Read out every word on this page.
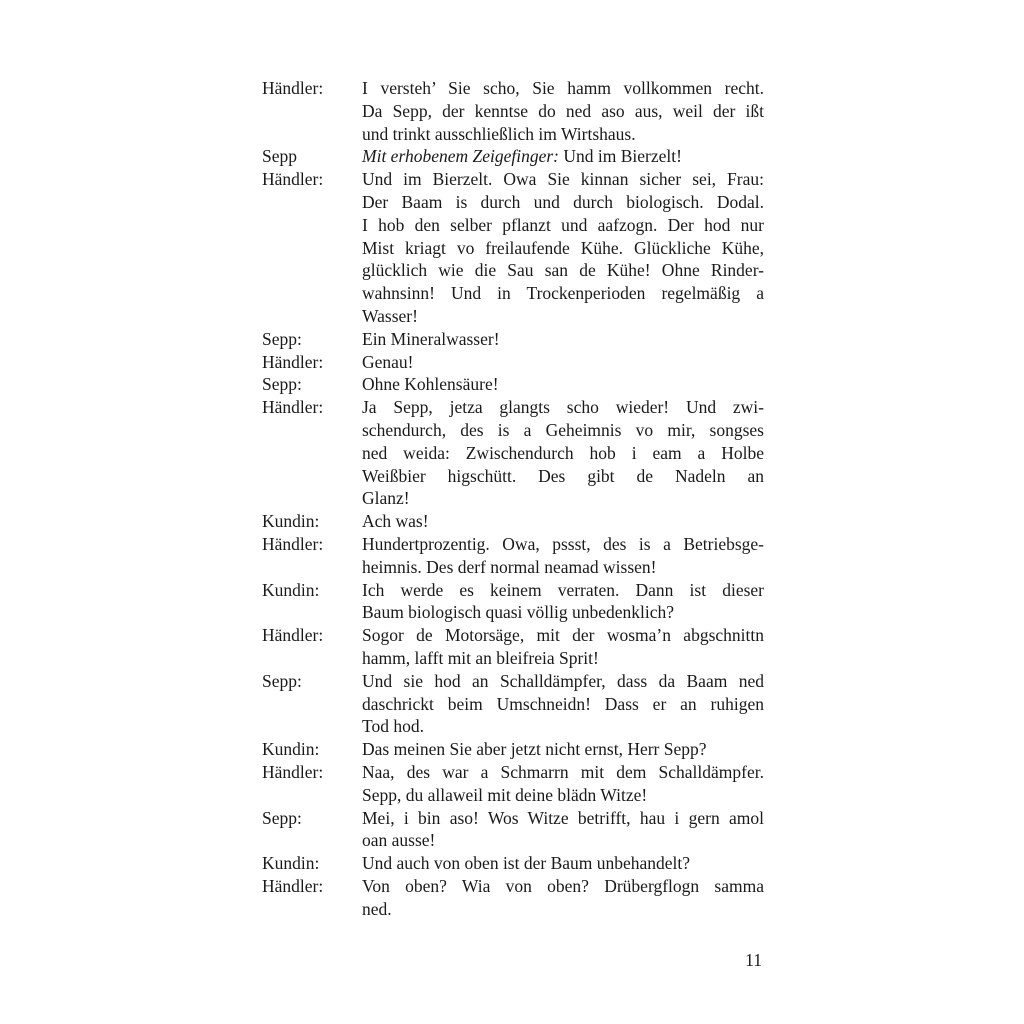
Händler:	I versteh’ Sie scho, Sie hamm vollkommen recht.
Da Sepp, der kenntse do ned aso aus, weil der ißt
und trinkt ausschließlich im Wirtshaus.
Sepp	Mit erhobenem Zeigefinger: Und im Bierzelt!
Händler:	Und im Bierzelt. Owa Sie kinnan sicher sei, Frau:
Der Baam is durch und durch biologisch. Dodal.
I hob den selber pflanzt und aafzogn. Der hod nur
Mist kriagt vo freilaufende Kühe. Glückliche Kühe,
glücklich wie die Sau san de Kühe! Ohne Rinder-
wahnsinn! Und in Trockenperioden regelmäßig a
Wasser!
Sepp:	Ein Mineralwasser!
Händler:	Genau!
Sepp:	Ohne Kohlensäure!
Händler:	Ja Sepp, jetza glangts scho wieder! Und zwi-
schendurch, des is a Geheimnis vo mir, songses
ned weida: Zwischendurch hob i eam a Holbe
Weißbier higschütt. Des gibt de Nadeln an
Glanz!
Kundin:	Ach was!
Händler:	Hundertprozentig. Owa, pssst, des is a Betriebsge-
heimnis. Des derf normal neamad wissen!
Kundin:	Ich werde es keinem verraten. Dann ist dieser
Baum biologisch quasi völlig unbedenklich?
Händler:	Sogor de Motorsäge, mit der wosma’n abgschnittn
hamm, lafft mit an bleifreia Sprit!
Sepp:	Und sie hod an Schalldämpfer, dass da Baam ned
daschrickt beim Umschneidn! Dass er an ruhigen
Tod hod.
Kundin:	Das meinen Sie aber jetzt nicht ernst, Herr Sepp?
Händler:	Naa, des war a Schmarrn mit dem Schalldämpfer.
Sepp, du allaweil mit deine blädn Witze!
Sepp:	Mei, i bin aso! Wos Witze betrifft, hau i gern amol
oan ausse!
Kundin:	Und auch von oben ist der Baum unbehandelt?
Händler:	Von oben? Wia von oben? Drübergflogn samma
ned.
11
